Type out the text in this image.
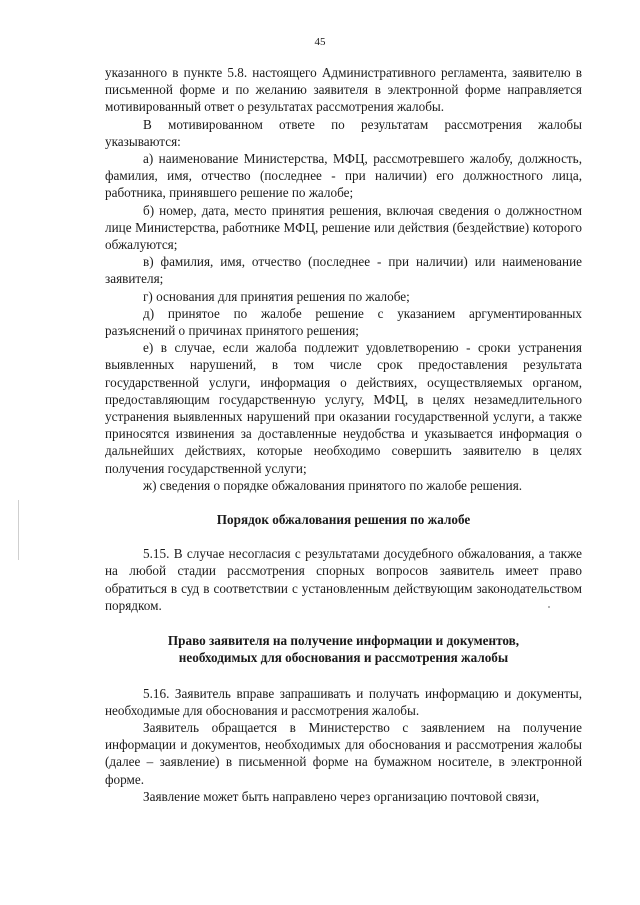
45

указанного в пункте 5.8. настоящего Административного регламента, заявителю в письменной форме и по желанию заявителя в электронной форме направляется мотивированный ответ о результатах рассмотрения жалобы.

В мотивированном ответе по результатам рассмотрения жалобы указываются:

а) наименование Министерства, МФЦ, рассмотревшего жалобу, должность, фамилия, имя, отчество (последнее - при наличии) его должностного лица, работника, принявшего решение по жалобе;

б) номер, дата, место принятия решения, включая сведения о должностном лице Министерства, работнике МФЦ, решение или действия (бездействие) которого обжалуются;

в) фамилия, имя, отчество (последнее - при наличии) или наименование заявителя;

г) основания для принятия решения по жалобе;

д) принятое по жалобе решение с указанием аргументированных разъяснений о причинах принятого решения;

е) в случае, если жалоба подлежит удовлетворению - сроки устранения выявленных нарушений, в том числе срок предоставления результата государственной услуги, информация о действиях, осуществляемых органом, предоставляющим государственную услугу, МФЦ, в целях незамедлительного устранения выявленных нарушений при оказании государственной услуги, а также приносятся извинения за доставленные неудобства и указывается информация о дальнейших действиях, которые необходимо совершить заявителю в целях получения государственной услуги;

ж) сведения о порядке обжалования принятого по жалобе решения.

Порядок обжалования решения по жалобе

5.15. В случае несогласия с результатами досудебного обжалования, а также на любой стадии рассмотрения спорных вопросов заявитель имеет право обратиться в суд в соответствии с установленным действующим законодательством порядком.

Право заявителя на получение информации и документов,
необходимых для обоснования и рассмотрения жалобы

5.16. Заявитель вправе запрашивать и получать информацию и документы, необходимые для обоснования и рассмотрения жалобы.

Заявитель обращается в Министерство с заявлением на получение информации и документов, необходимых для обоснования и рассмотрения жалобы (далее – заявление) в письменной форме на бумажном носителе, в электронной форме.

Заявление может быть направлено через организацию почтовой связи,
